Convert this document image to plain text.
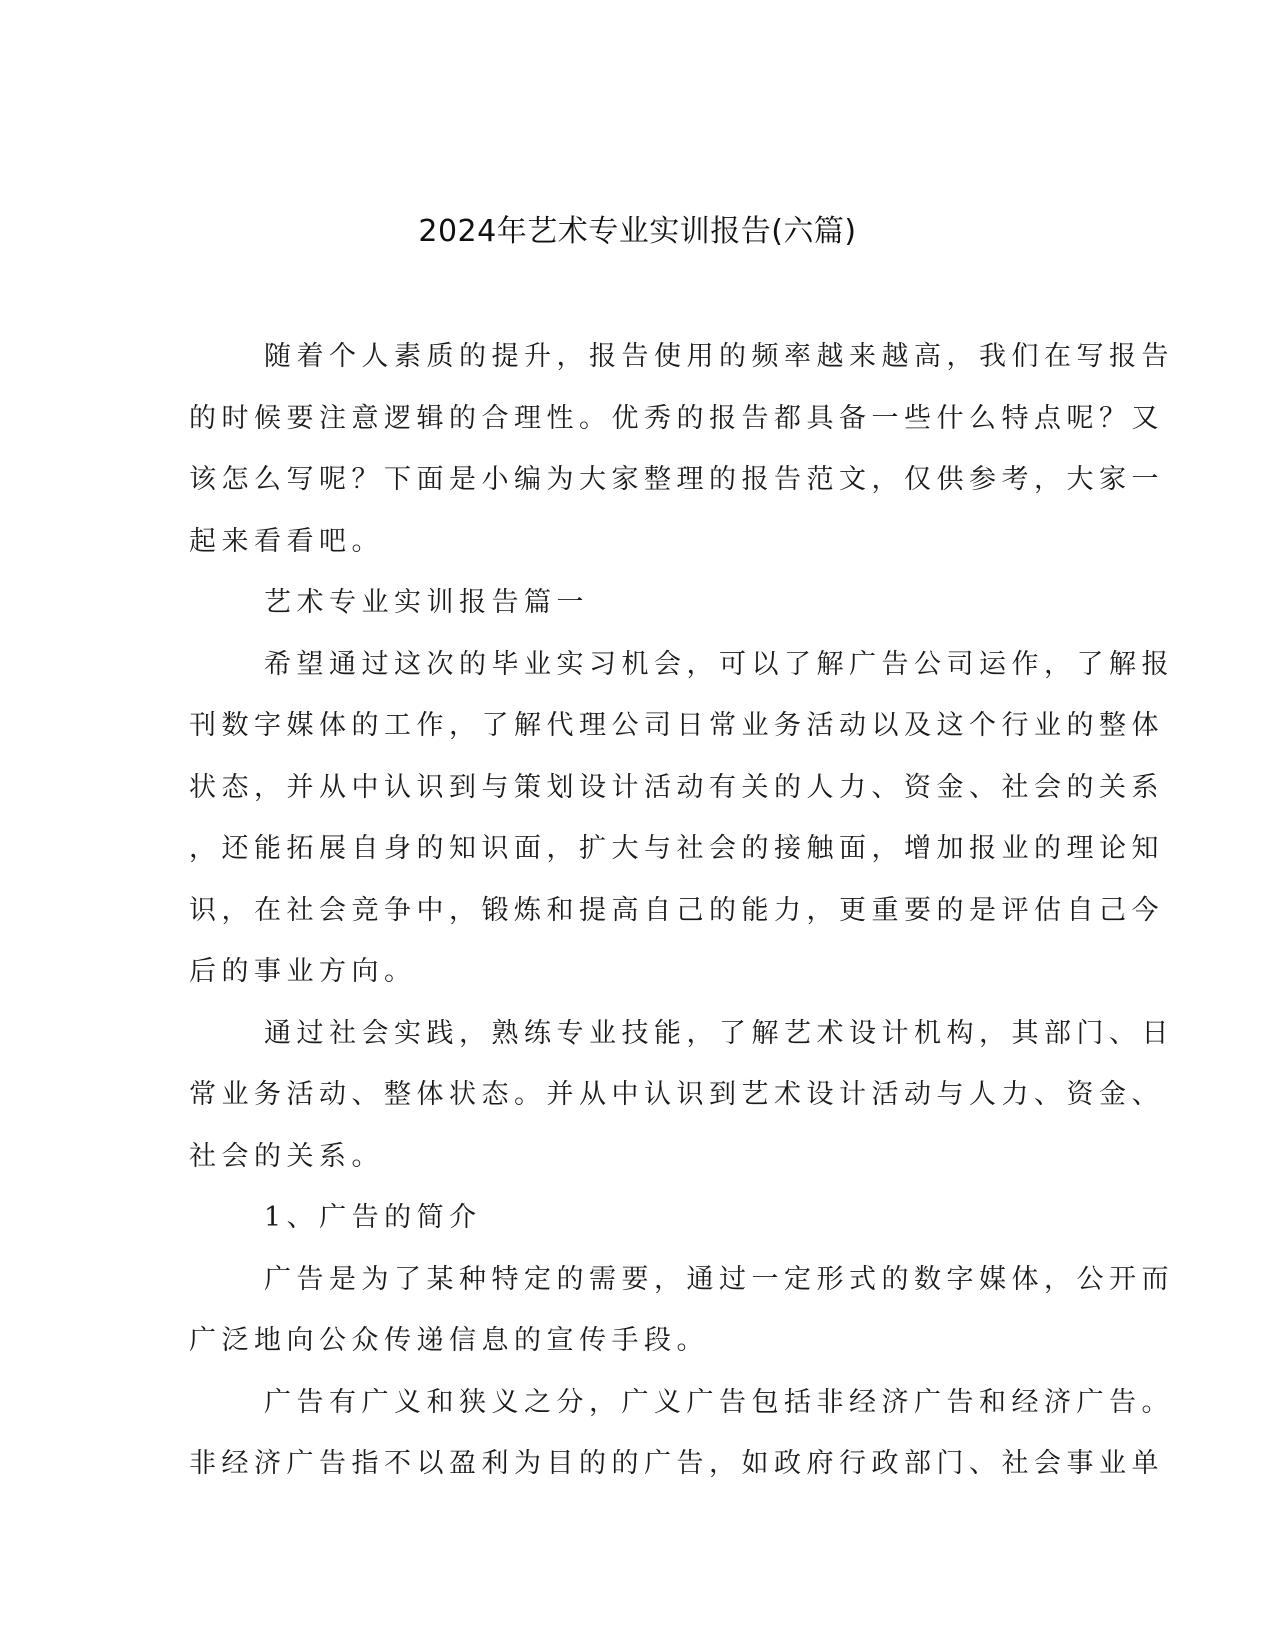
2024年艺术专业实训报告(六篇)
随着个人素质的提升，报告使用的频率越来越高，我们在写报告
的时候要注意逻辑的合理性。优秀的报告都具备一些什么特点呢？又
该怎么写呢？下面是小编为大家整理的报告范文，仅供参考，大家一
起来看看吧。
艺术专业实训报告篇一
希望通过这次的毕业实习机会，可以了解广告公司运作，了解报
刊数字媒体的工作，了解代理公司日常业务活动以及这个行业的整体
状态，并从中认识到与策划设计活动有关的人力、资金、社会的关系
，还能拓展自身的知识面，扩大与社会的接触面，增加报业的理论知
识，在社会竞争中，锻炼和提高自己的能力，更重要的是评估自己今
后的事业方向。
通过社会实践，熟练专业技能，了解艺术设计机构，其部门、日
常业务活动、整体状态。并从中认识到艺术设计活动与人力、资金、
社会的关系。
1、广告的简介
广告是为了某种特定的需要，通过一定形式的数字媒体，公开而
广泛地向公众传递信息的宣传手段。
广告有广义和狭义之分，广义广告包括非经济广告和经济广告。
非经济广告指不以盈利为目的的广告，如政府行政部门、社会事业单
